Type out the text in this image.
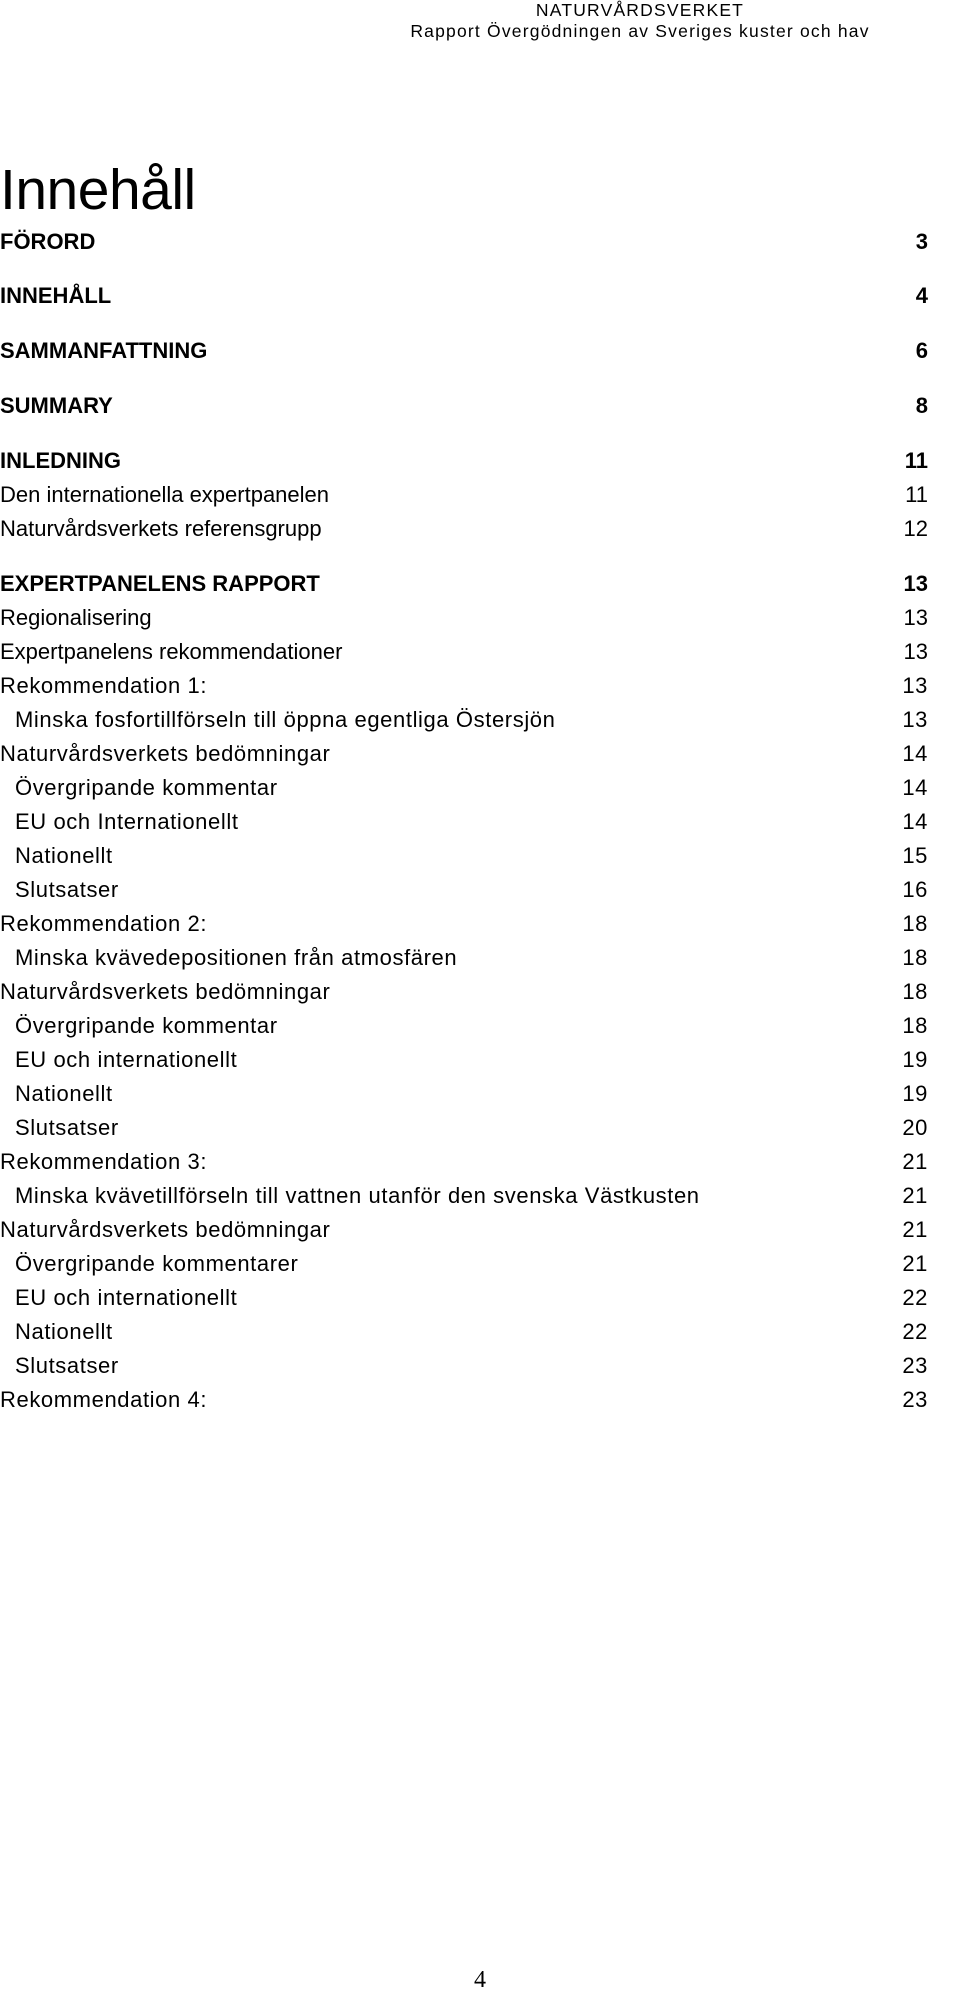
NATURVÅRDSVERKET
Rapport Övergödningen av Sveriges kuster och hav
Innehåll
FÖRORD	3
INNEHÅLL	4
SAMMANFATTNING	6
SUMMARY	8
INLEDNING	11
Den internationella expertpanelen	11
Naturvårdsverkets referensgrupp	12
EXPERTPANELENS RAPPORT	13
Regionalisering	13
Expertpanelens rekommendationer	13
Rekommendation 1:	13
Minska fosfortillförseln till öppna egentliga Östersjön	13
Naturvårdsverkets bedömningar	14
Övergripande kommentar	14
EU och Internationellt	14
Nationellt	15
Slutsatser	16
Rekommendation 2:	18
Minska kvävedepositionen från atmosfären	18
Naturvårdsverkets bedömningar	18
Övergripande kommentar	18
EU och internationellt	19
Nationellt	19
Slutsatser	20
Rekommendation 3:	21
Minska kvävetillförseln till vattnen utanför den svenska Västkusten	21
Naturvårdsverkets bedömningar	21
Övergripande kommentarer	21
EU och internationellt	22
Nationellt	22
Slutsatser	23
Rekommendation 4:	23
4
